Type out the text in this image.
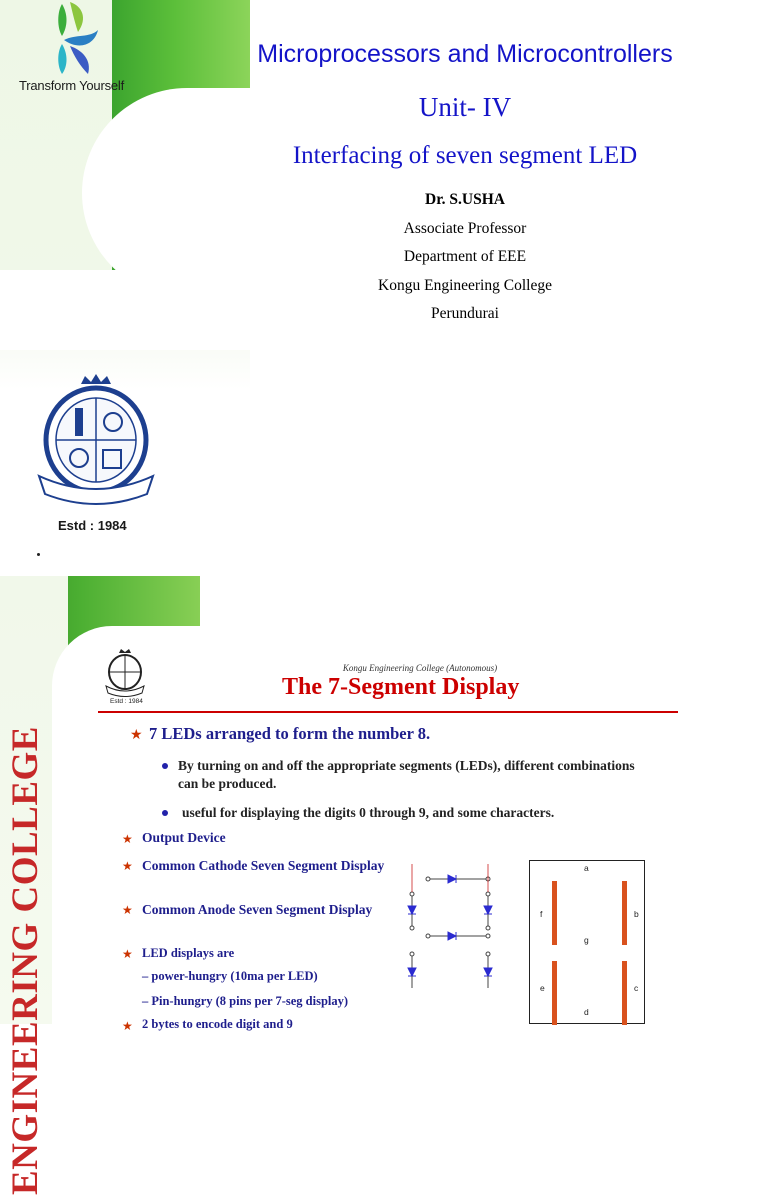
Transform Yourself
Microprocessors and Microcontrollers
Unit- IV
Interfacing of seven segment LED
Dr. S.USHA
Associate Professor
Department of EEE
Kongu Engineering College
Perundurai
Estd : 1984
ENGINEERING COLLEGE
Estd : 1984
Kongu Engineering College (Autonomous)
The 7-Segment Display
★ 7 LEDs arranged to form the number 8.
By turning on and off the appropriate segments (LEDs), different combinations can be produced.
useful for displaying the digits 0 through 9, and some characters.
★ Output Device
★ Common Cathode Seven Segment Display
★ Common Anode Seven Segment Display
★ LED displays are
– power-hungry (10ma per LED)
– Pin-hungry (8 pins per 7-seg display)
★ 2 bytes to encode digit and 9
a
b
c
d
e
f
g
